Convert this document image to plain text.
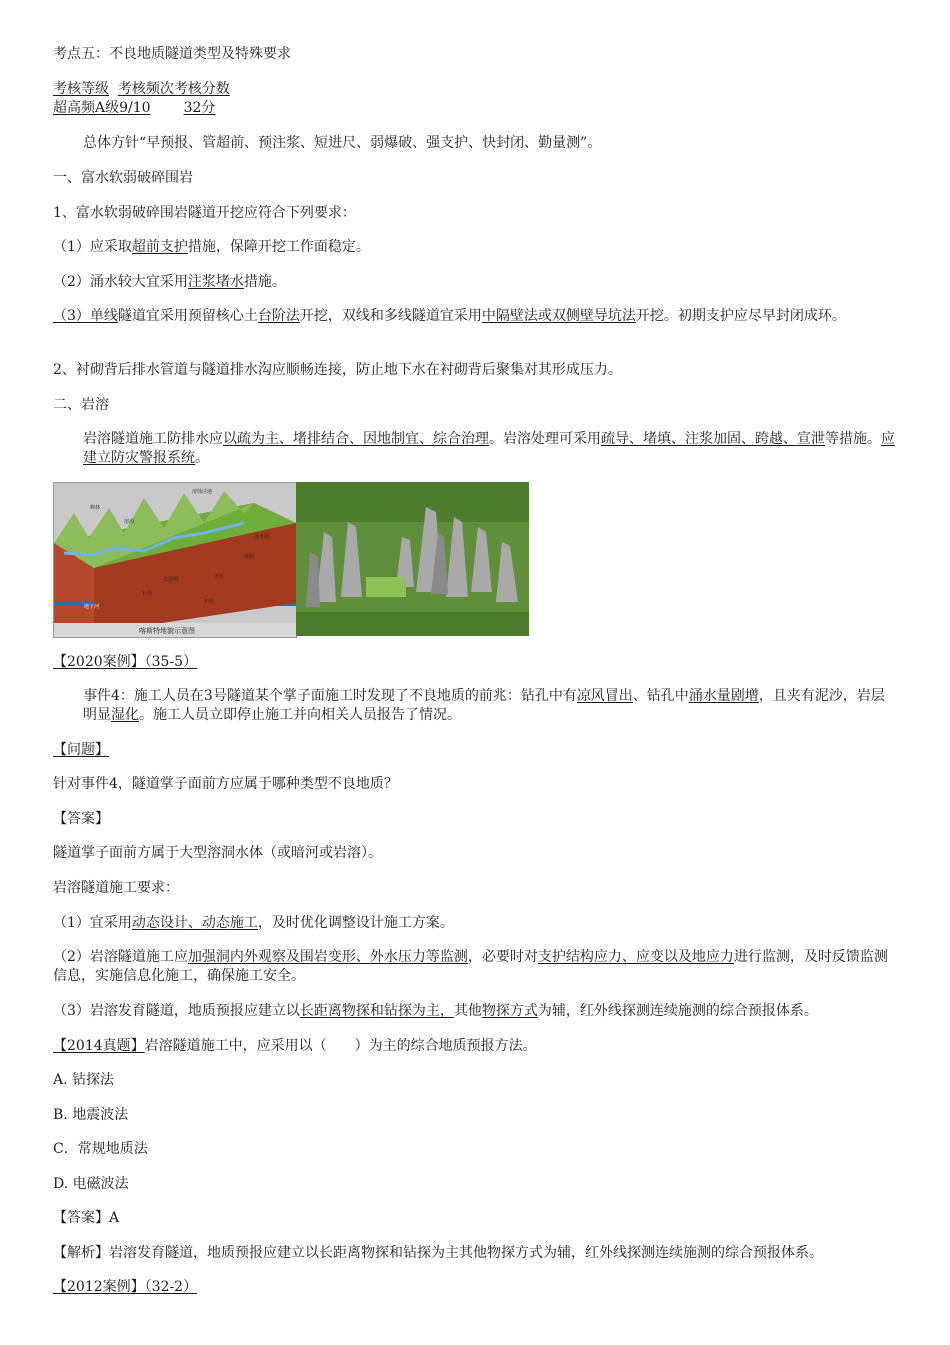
考点五：不良地质隧道类型及特殊要求
考核等级 考核频次考核分数
超高频A级9/10 32分
总体方针“早预报、管超前、预注浆、短进尺、弱爆破、强支护、快封闭、勤量测”。
一、富水软弱破碎围岩
1、富水软弱破碎围岩隧道开挖应符合下列要求：
（1）应采取超前支护措施，保障开挖工作面稳定。
（2）涌水较大宜采用注浆堵水措施。
（3）单线隧道宜采用预留核心土台阶法开挖，双线和多线隧道宜采用中隔壁法或双侧壁导坑法开挖。初期支护应尽早封闭成环。
2、衬砌背后排水管道与隧道排水沟应顺畅连接，防止地下水在衬砌背后聚集对其形成压力。
二、岩溶
岩溶隧道施工防排水应以疏为主、堵排结合、因地制宜、综合治理。岩溶处理可采用疏导、堵填、注浆加固、跨越、宣泄等措施。应建立防灾警报系统。
喀斯特地貌示意图
溶蚀洼地
峰林
石钟乳
石笋
石柱
溶洞
地下河
落水洞
溶沟
天坑
【2020案例】（35-5）
事件4：施工人员在3号隧道某个掌子面施工时发现了不良地质的前兆：钻孔中有凉风冒出、钻孔中涌水量剧增，且夹有泥沙，岩层明显湿化。施工人员立即停止施工并向相关人员报告了情况。
【问题】
针对事件4，隧道掌子面前方应属于哪种类型不良地质？
【答案】
隧道掌子面前方属于大型溶洞水体（或暗河或岩溶）。
岩溶隧道施工要求：
（1）宜采用动态设计、动态施工，及时优化调整设计施工方案。
（2）岩溶隧道施工应加强洞内外观察及围岩变形、外水压力等监测，必要时对支护结构应力、应变以及地应力进行监测，及时反馈监测信息，实施信息化施工，确保施工安全。
（3）岩溶发育隧道，地质预报应建立以长距离物探和钻探为主，其他物探方式为辅，红外线探测连续施测的综合预报体系。
【2014真题】岩溶隧道施工中，应采用以（　　）为主的综合地质预报方法。
A. 钻探法
B. 地震波法
C．常规地质法
D. 电磁波法
【答案】A
【解析】岩溶发育隧道，地质预报应建立以长距离物探和钻探为主其他物探方式为辅，红外线探测连续施测的综合预报体系。
【2012案例】（32-2）
